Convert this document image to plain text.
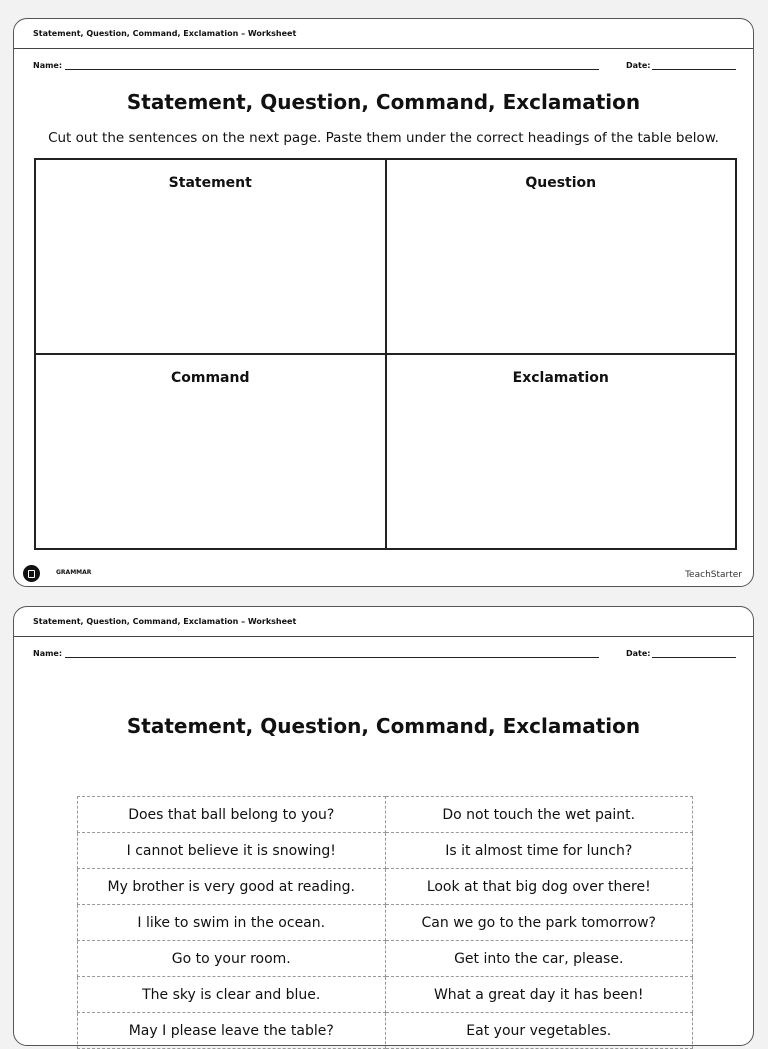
Statement, Question, Command, Exclamation – Worksheet
Name:	Date:
Statement, Question, Command, Exclamation
Cut out the sentences on the next page. Paste them under the correct headings of the table below.
Statement	Question
Command	Exclamation
GRAMMAR	TeachStarter
Statement, Question, Command, Exclamation – Worksheet
Name:	Date:
Statement, Question, Command, Exclamation
Does that ball belong to you?	Do not touch the wet paint.
I cannot believe it is snowing!	Is it almost time for lunch?
My brother is very good at reading.	Look at that big dog over there!
I like to swim in the ocean.	Can we go to the park tomorrow?
Go to your room.	Get into the car, please.
The sky is clear and blue.	What a great day it has been!
May I please leave the table?	Eat your vegetables.
